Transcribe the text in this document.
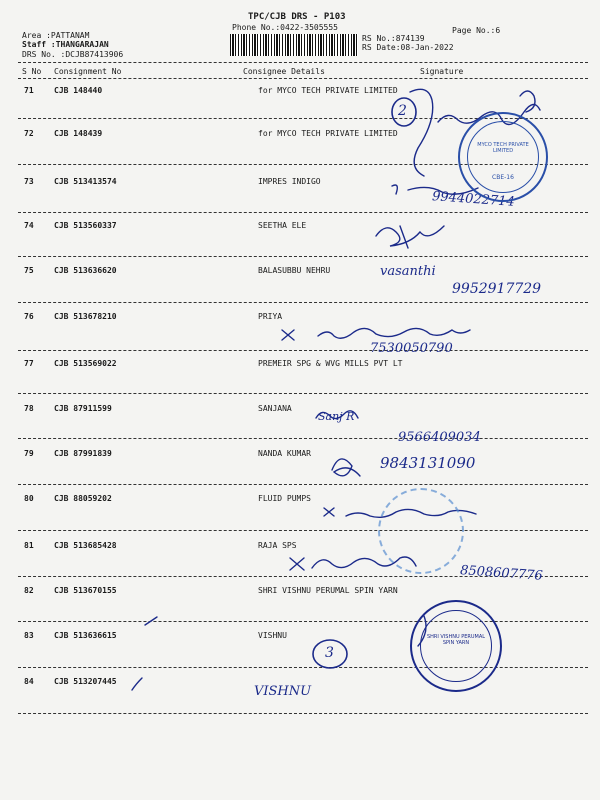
TPC/CJB DRS - P103
Phone No.:0422-3505555	Page No.:6
Area :PATTANAM
Staff :THANGARAJAN
DRS No. :DCJB87413906
RS No.:874139
RS Date:08-Jan-2022
S No Consignment No	Consignee Details	Signature
71	CJB 148440	for MYCO TECH PRIVATE LIMITED
72	CJB 148439	for MYCO TECH PRIVATE LIMITED
73	CJB 513413574	IMPRES INDIGO
74	CJB 513560337	SEETHA ELE
75	CJB 513636620	BALASUBBU NEHRU
76	CJB 513678210	PRIYA
77	CJB 513569022	PREMEIR SPG & WVG MILLS PVT LT
78	CJB 87911599	SANJANA
79	CJB 87991839	NANDA KUMAR
80	CJB 88059202	FLUID PUMPS
81	CJB 513685428	RAJA SPS
82	CJB 513670155	SHRI VISHNU PERUMAL SPIN YARN
83	CJB 513636615	VISHNU
84	CJB 513207445
2
3
9944022714
vasanthi
9952917729
7530050790
Sanj R
9566409034
9843131090
8508607776
VISHNU
MYCO TECH PRIVATE LIMITED
CBE-16
SHRI VISHNU PERUMAL SPIN YARN
